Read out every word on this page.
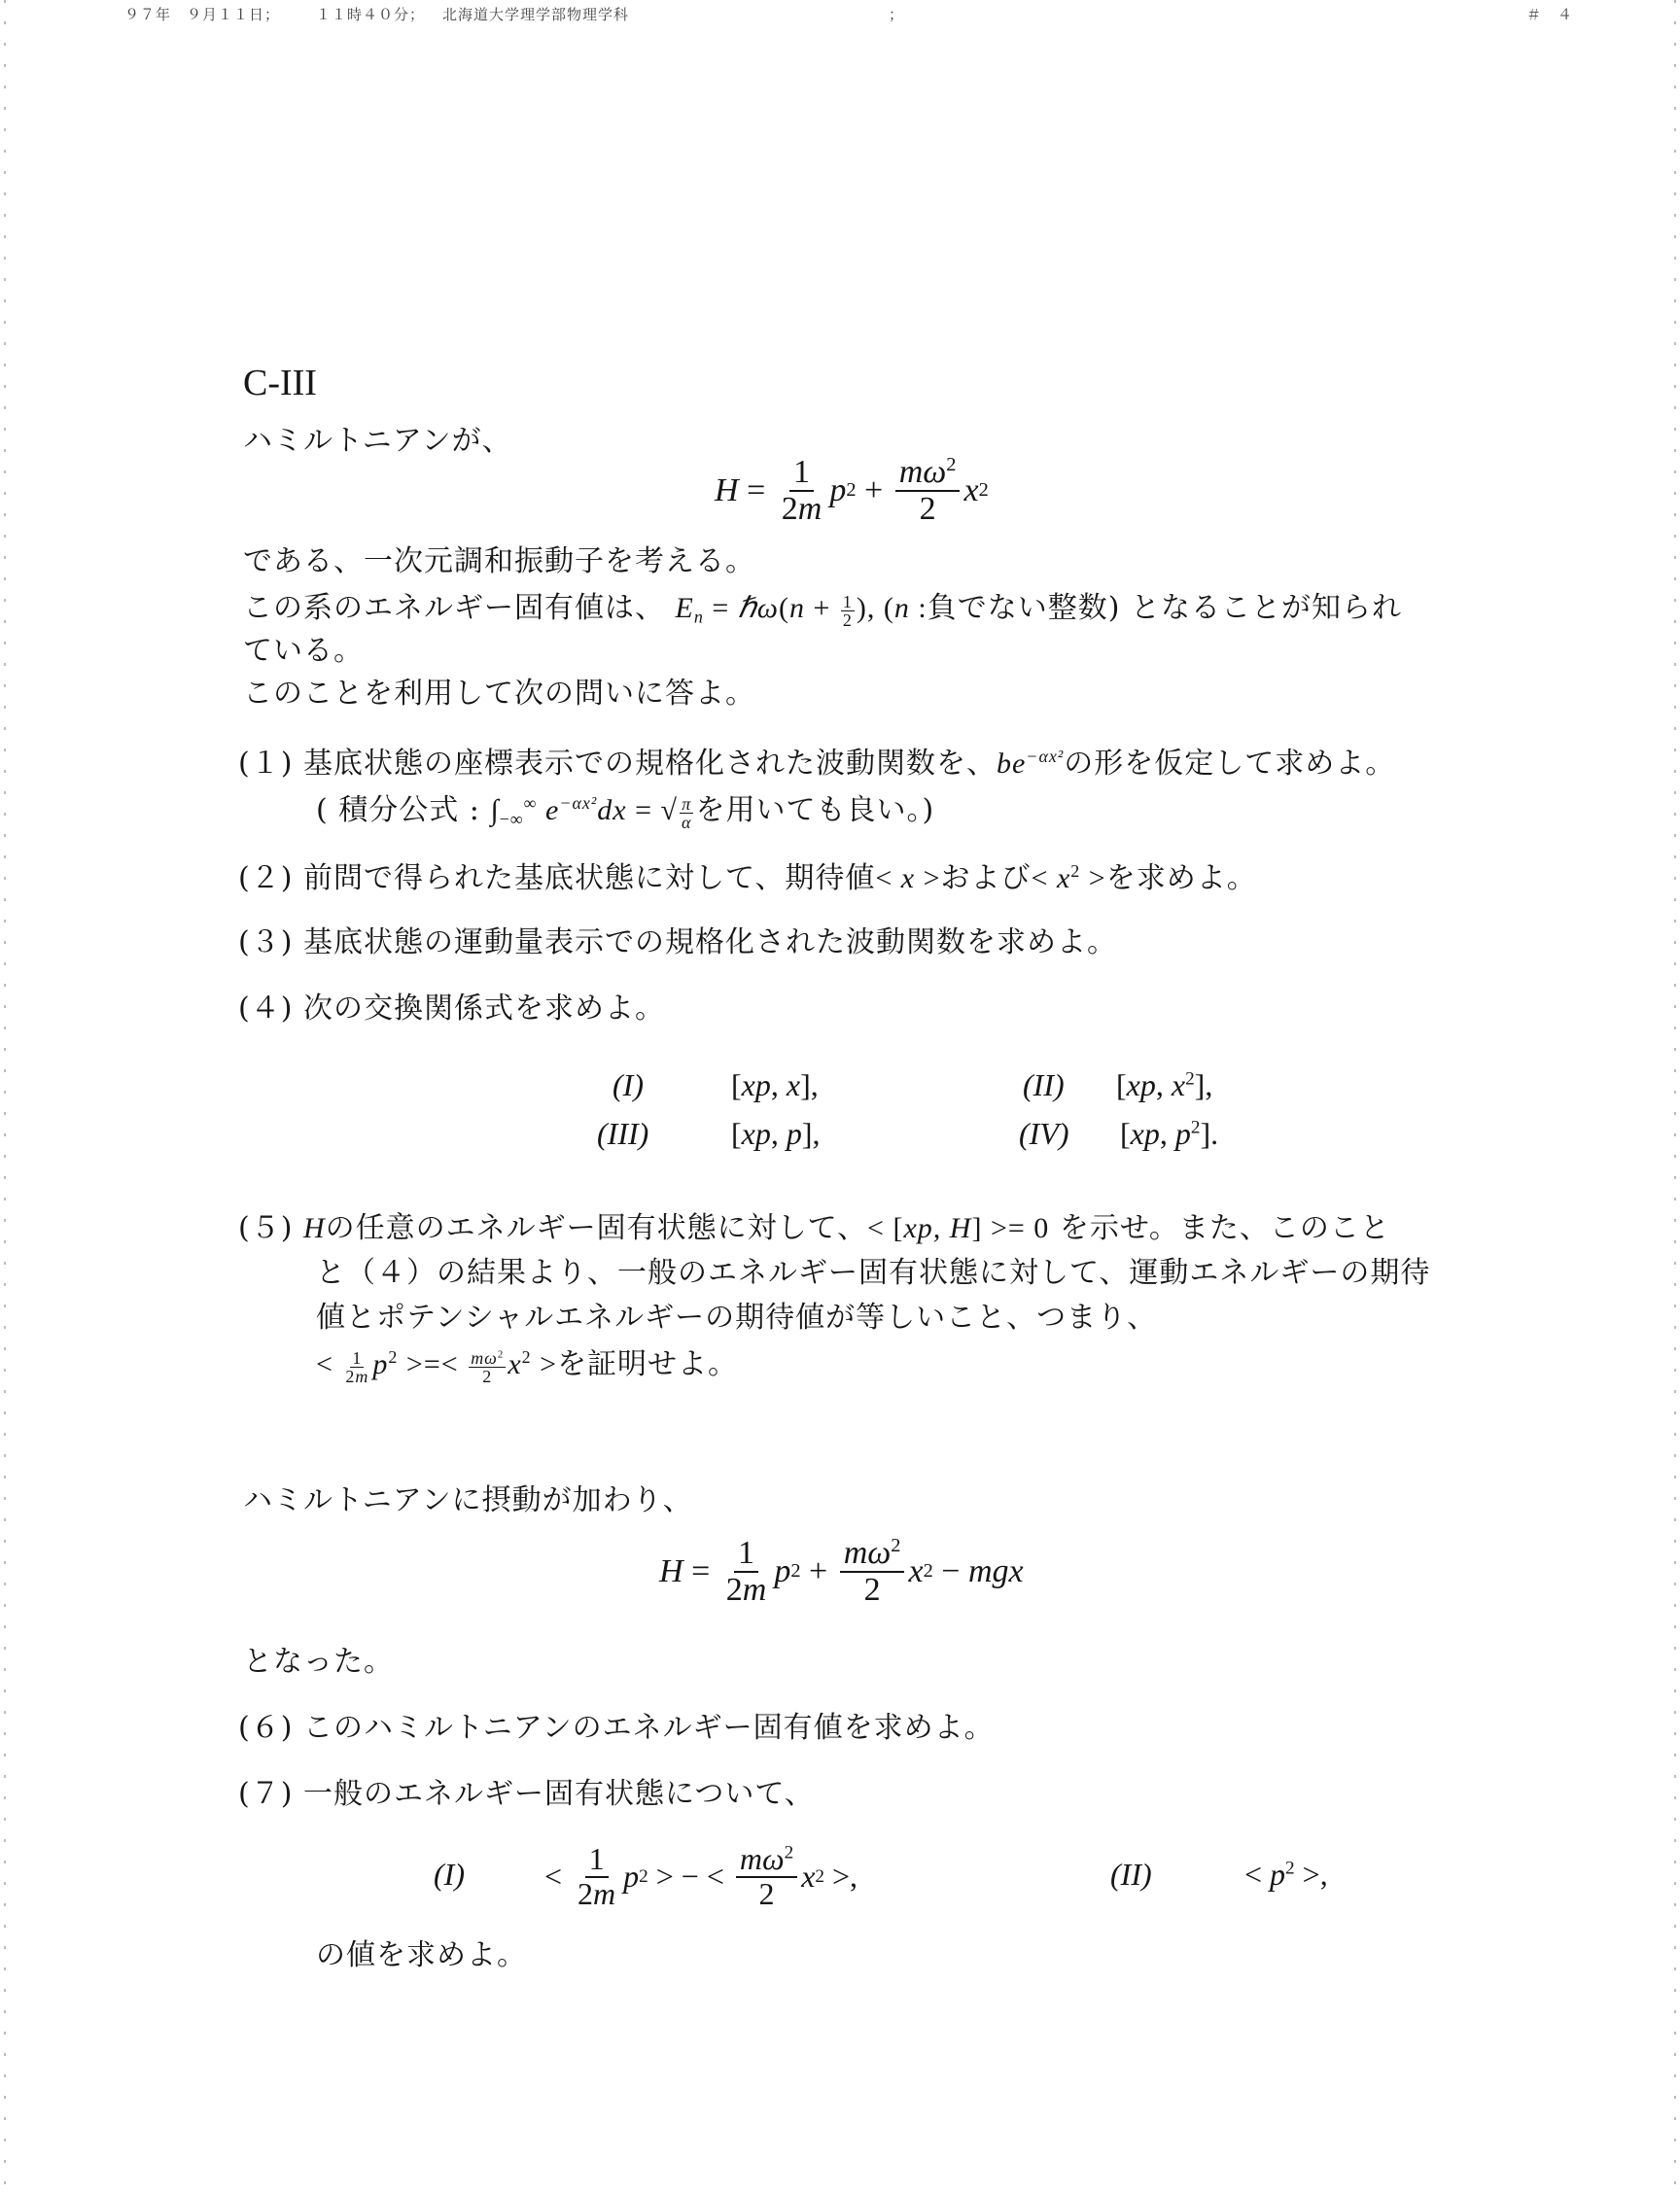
９７年　９月１１日； １１時４０分； 北海道大学理学部物理学科	；	＃　４
C-III
ハミルトニアンが、
$H = \frac{1}{2m}$ p $2 + \frac{m\omega^2}{2}$ x 2
である、一次元調和振動子を考える。
この系のエネルギー固有値は、 $E_n$ = ℏω(n + $\frac{1}{2}$ ), (n :負でない整数) となることが知られ
ている。
このことを利用して次の問いに答よ。
(１) 基底状態の座標表示での規格化された波動関数を、$be^{-\alpha x^2}$の形を仮定して求めよ。
( 積分公式 : $\int_{-\infty}^\infty$ $e^{-\alpha x^2}dx$ = √ $\frac{\pi}{\alpha}$ を用いても良い。)
(２) 前問で得られた基底状態に対して、期待値< x >および< $x^2$ >を求めよ。
(３) 基底状態の運動量表示での規格化された波動関数を求めよ。
(４) 次の交換関係式を求めよ。
(I)	[xp, x],	(II) [xp, $x^2$],
(III)	[xp, p],	(IV) [xp, $p^2$].
(５) Hの任意のエネルギー固有状態に対して、< [xp, H] >= 0 を示せ。また、このこと
と（４）の結果より、一般のエネルギー固有状態に対して、運動エネルギーの期待
値とポテンシャルエネルギーの期待値が等しいこと、つまり、
< $\frac{1}{2m} p^2$ >=< $\frac{m\omega^2}{2} x^2$ >を証明せよ。
ハミルトニアンに摂動が加わり、
$H = \frac{1}{2m}$ p $2 + \frac{m\omega^2}{2}$ x 2 − mgx
となった。
(６) このハミルトニアンのエネルギー固有値を求めよ。
(７) 一般のエネルギー固有状態について、
(I)	< $\frac{1}{2m}$ p 2 > − < $\frac{m\omega^2}{2}$ x 2 >,	(II)	< $p^2$ >,
の値を求めよ。
